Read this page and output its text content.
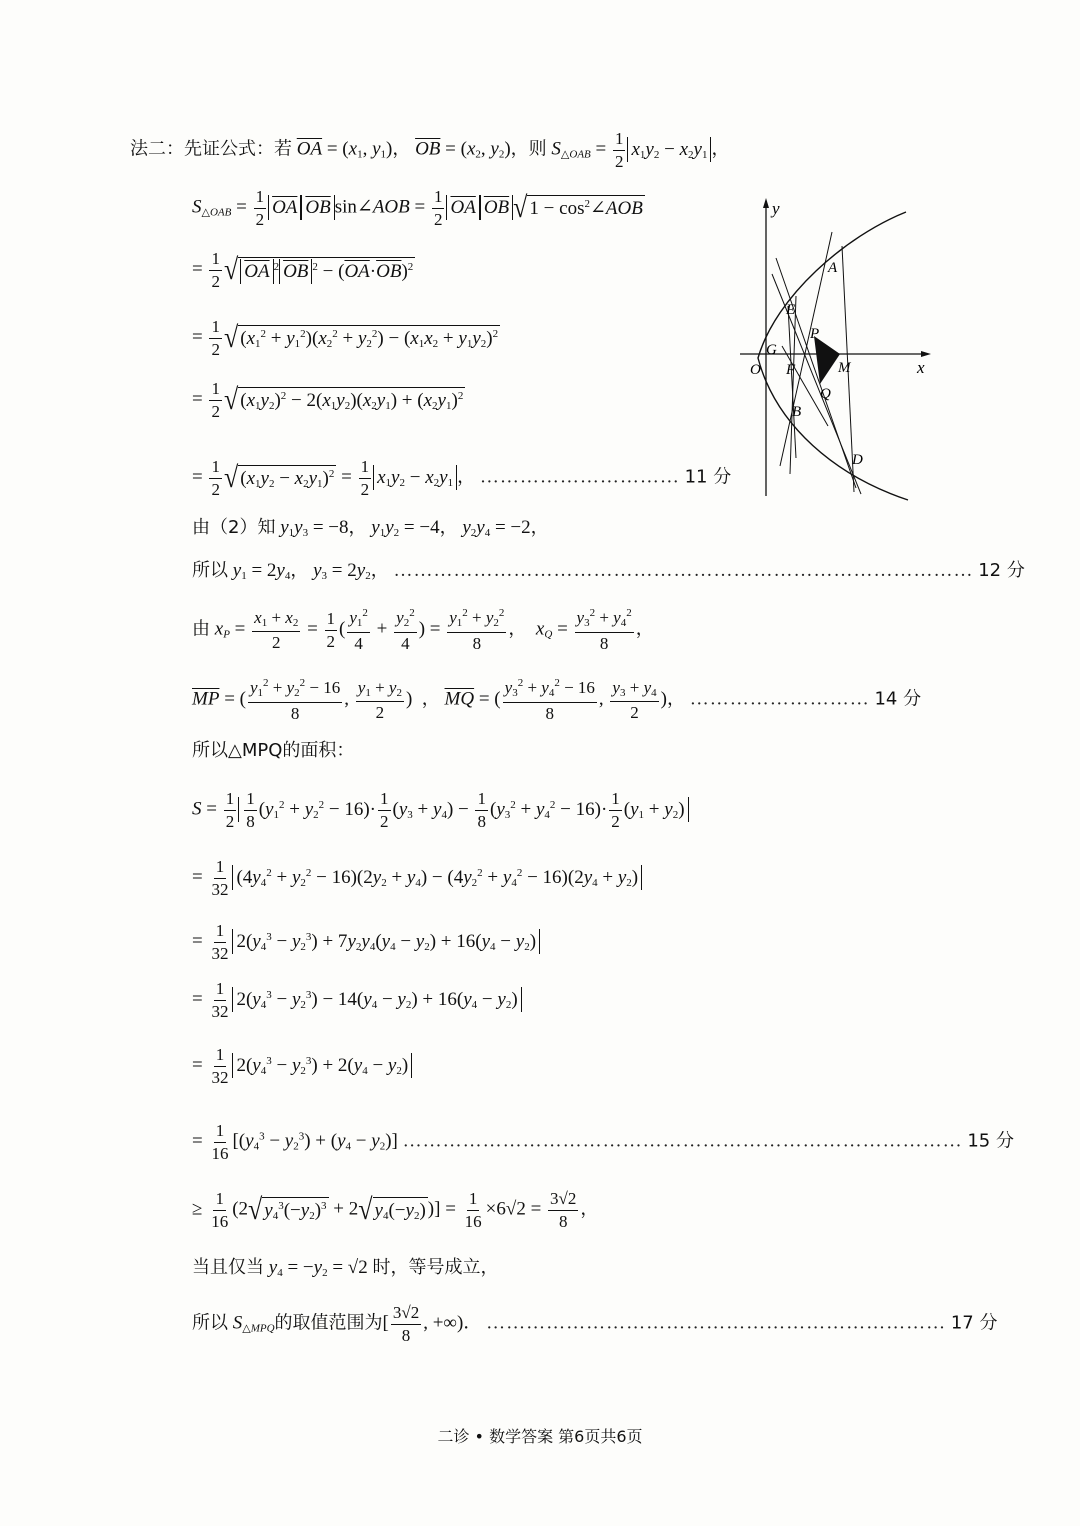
法二：先证公式：若 $\overline{OA} = (x_1$, $y_1$)， $\overline{OB} = (x_2$, $y_2$)，则 $S_{\triangle OAB} = \frac{1}{2} x_1y_2 - x_2y_1$ ，
$S_{\triangle OAB} = \frac{1}{2} \overline{OA}$ $\overline{OB}$ sin∠AOB = $\frac{1}{2} \overline{OA}$ $\overline{OB}$ √ $1 - \cos^2\angle AOB$
= $\frac{1}{2}$ √ OA $^2$ $\overline{OB}$ $^2 - (\overline{OA}\cdot\overline{OB})^2$
= $\frac{1}{2}$ √ $(x_1^2 + y_1^2)(x_2^2 + y_2^2) - (x_1x_2 + y_1y_2)^2$
= $\frac{1}{2}$ √ $(x_1y_2)^2 - 2(x_1y_2)(x_2y_1) + (x_2y_1)^2$
= $\frac{1}{2}$ √ $(x_1y_2 - x_2y_1)^2 = \frac{1}{2} x_1y_2 - x_2y_1$ ， ………………………… 11 分
y
x
O
G
F
E
A
P
M
Q
B
D
由（2）知 $y_1y_3 = -8$， $y_1y_2 = -4$， $y_2y_4 = -2$，
所以 $y_1 = 2y_4$， $y_3 = 2y_2$， …………………………………………………………………………… 12 分
由 $x_P = \frac{x_1 + x_2}{2} = \frac{1}{2}$ ( $\frac{y_1^2}{4} + \frac{y_2^2}{4}$ ) = $\frac{y_1^2 + y_2^2}{8}$ ， $x_Q = \frac{y_3^2 + y_4^2}{8}$ ，
$\overline{MP}$ = ( $\frac{y_1^2 + y_2^2 - 16}{8}$ , $\frac{y_1 + y_2}{2}$ )  ， $\overline{MQ}$ = ( $\frac{y_3^2 + y_4^2 - 16}{8}$ , $\frac{y_3 + y_4}{2}$ )， ……………………… 14 分
所以△MPQ的面积：
$S = \frac{1}{2} \frac{1}{8} (y_1^2 + y_2^2 - 16)\cdot \frac{1}{2} (y_3 + y_4) - \frac{1}{8} (y_3^2 + y_4^2 - 16)\cdot \frac{1}{2} (y_1 + y_2)$
= $\frac{1}{32} (4y_4^2 + y_2^2 - 16)(2y_2 + y_4) - (4y_2^2 + y_4^2 - 16)(2y_4 + y_2)$
= $\frac{1}{32} 2(y_4^3 - y_2^3) + 7y_2y_4(y_4 - y_2) + 16(y_4 - y_2)$
= $\frac{1}{32} 2(y_4^3 - y_2^3) - 14(y_4 - y_2) + 16(y_4 - y_2)$
= $\frac{1}{32} 2(y_4^3 - y_2^3) + 2(y_4 - y_2)$
= $\frac{1}{16} [(y_4^3 - y_2^3) + (y_4 - y_2)]$ ………………………………………………………………………… 15 分
≥ $\frac{1}{16} (2$ √ $y_4^3(-y_2)^3 + 2$ √ $y_4(-y_2)$ )] = $\frac{1}{16} \times 6√2 = \frac{3√2}{8}$ ，
当且仅当 $y_4 = -y_2 = √2$ 时，等号成立，
所以 $S_{\triangle MPQ}$的取值范围为[ $\frac{3√2}{8}$ , +∞)． …………………………………………………………… 17 分
二诊 • 数学答案 第6页共6页
